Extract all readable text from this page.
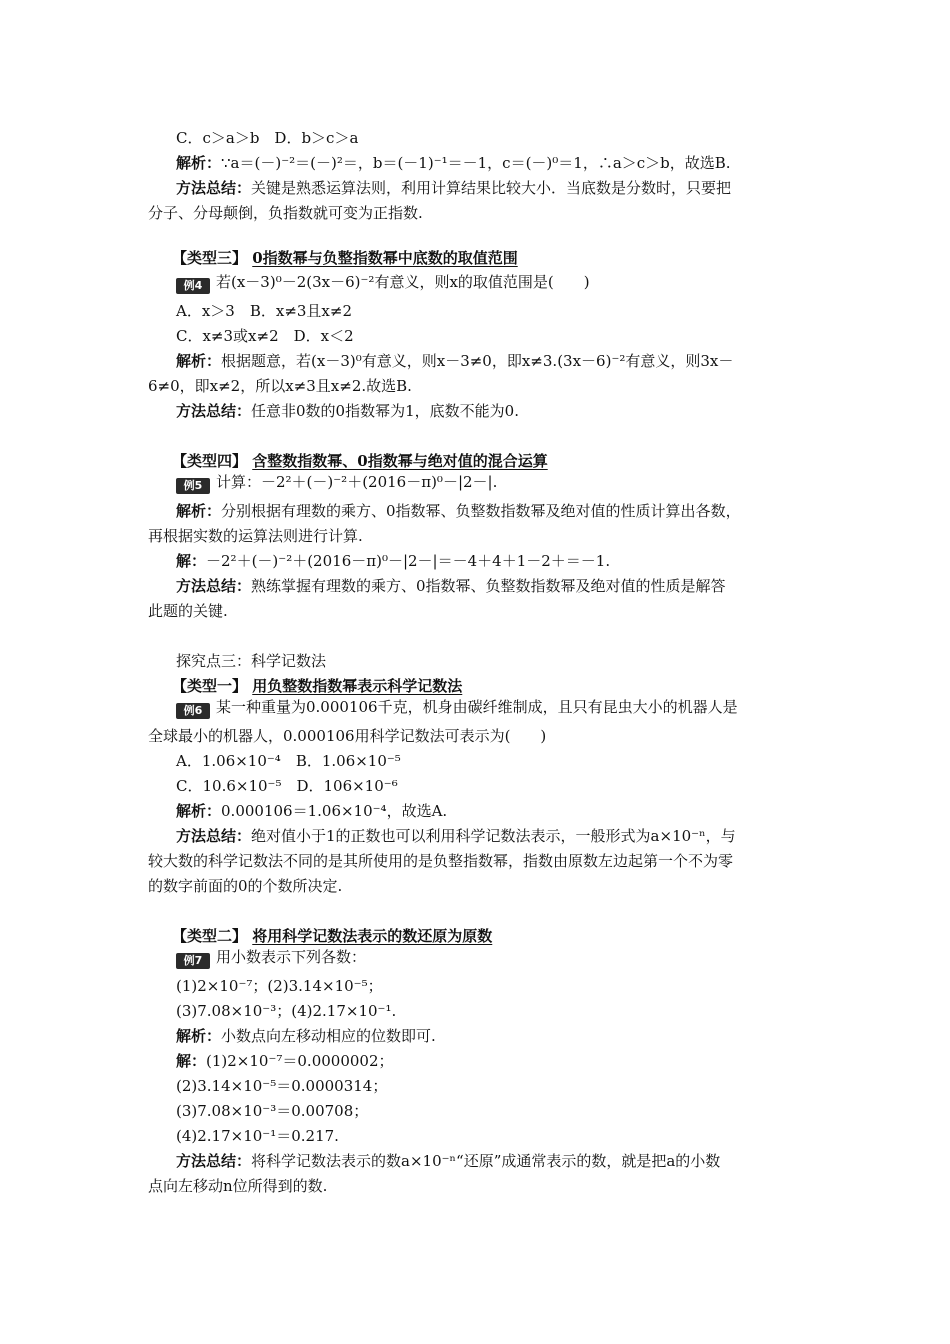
C．c＞a＞b　D．b＞c＞a
解析：∵a＝(－)⁻²＝(－)²＝，b＝(－1)⁻¹＝－1，c＝(－)⁰＝1，∴a＞c＞b，故选B.
方法总结：关键是熟悉运算法则，利用计算结果比较大小．当底数是分数时，只要把
分子、分母颠倒，负指数就可变为正指数.
【类型三】 0指数幂与负整指数幂中底数的取值范围
例4 若(x－3)⁰－2(3x－6)⁻²有意义，则x的取值范围是(　　)
A．x＞3　B．x≠3且x≠2
C．x≠3或x≠2　D．x＜2
解析：根据题意，若(x－3)⁰有意义，则x－3≠0，即x≠3.(3x－6)⁻²有意义，则3x－
6≠0，即x≠2，所以x≠3且x≠2.故选B.
方法总结：任意非0数的0指数幂为1，底数不能为0.
【类型四】 含整数指数幂、0指数幂与绝对值的混合运算
例5 计算：－2²＋(－)⁻²＋(2016－π)⁰－|2－|.
解析：分别根据有理数的乘方、0指数幂、负整数指数幂及绝对值的性质计算出各数，
再根据实数的运算法则进行计算.
解：－2²＋(－)⁻²＋(2016－π)⁰－|2－|＝－4＋4＋1－2＋＝－1.
方法总结：熟练掌握有理数的乘方、0指数幂、负整数指数幂及绝对值的性质是解答
此题的关键.
探究点三：科学记数法
【类型一】 用负整数指数幂表示科学记数法
例6 某一种重量为0.000106千克，机身由碳纤维制成，且只有昆虫大小的机器人是
全球最小的机器人，0.000106用科学记数法可表示为(　　)
A．1.06×10⁻⁴　B．1.06×10⁻⁵
C．10.6×10⁻⁵　D．106×10⁻⁶
解析：0.000106＝1.06×10⁻⁴，故选A.
方法总结：绝对值小于1的正数也可以利用科学记数法表示，一般形式为a×10⁻ⁿ，与
较大数的科学记数法不同的是其所使用的是负整指数幂，指数由原数左边起第一个不为零
的数字前面的0的个数所决定.
【类型二】 将用科学记数法表示的数还原为原数
例7 用小数表示下列各数：
(1)2×10⁻⁷；(2)3.14×10⁻⁵；
(3)7.08×10⁻³；(4)2.17×10⁻¹.
解析：小数点向左移动相应的位数即可.
解：(1)2×10⁻⁷＝0.0000002；
(2)3.14×10⁻⁵＝0.0000314；
(3)7.08×10⁻³＝0.00708；
(4)2.17×10⁻¹＝0.217.
方法总结：将科学记数法表示的数a×10⁻ⁿ“还原”成通常表示的数，就是把a的小数
点向左移动n位所得到的数.
